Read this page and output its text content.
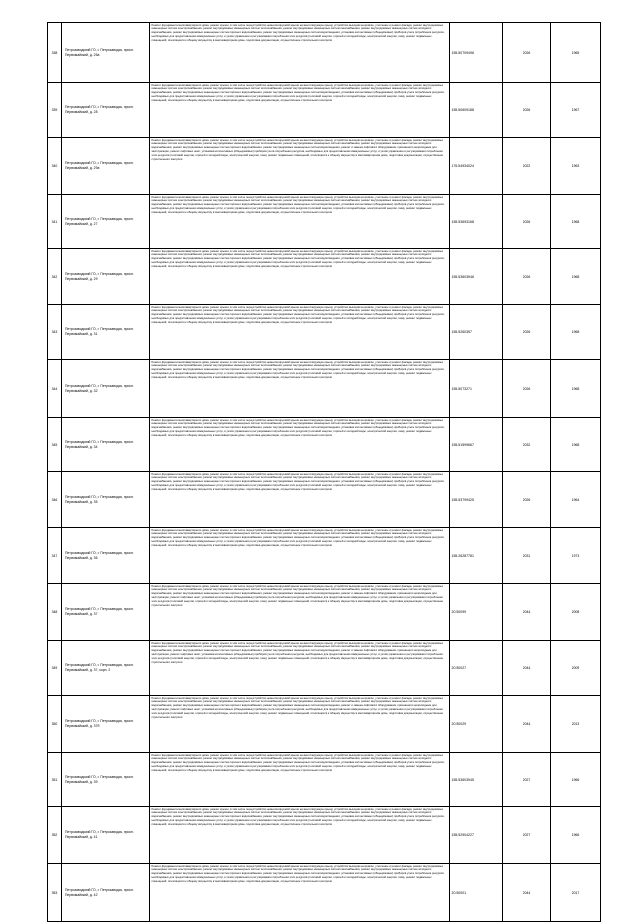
338	Петрозаводский ГО, г. Петрозаводск, просп. Первомайский, д. 25а	Ремонт фундамента многоквартирного дома, ремонт крыши, в том числе переустройство невентилируемой крыши на вентилируемую крышу, устройство выходов на кровлю, утепление и ремонт фасада, ремонт внутридомовых инженерных систем электроснабжения, ремонт внутридомовых инженерных систем теплоснабжения, ремонт внутридомовых инженерных систем газоснабжения, ремонт внутридомовых инженерных систем холодного водоснабжения, ремонт внутридомовых инженерных систем горячего водоснабжения, ремонт внутридомовых инженерных систем водоотведения, установка коллективных (общедомовых) приборов учета потребления ресурсов, необходимых для предоставления коммунальных услуг, и узлов управления и регулирования потребления этих ресурсов (тепловой энергии, горячей и холодной воды, электрической энергии, газа), ремонт подвальных помещений, относящихся к общему имуществу в многоквартирном доме, подготовка документации, осуществление строительного контроля	155.50709496	2026	1965
339	Петрозаводский ГО, г. Петрозаводск, просп. Первомайский, д. 28	Ремонт фундамента многоквартирного дома, ремонт крыши, в том числе переустройство невентилируемой крыши на вентилируемую крышу, устройство выходов на кровлю, утепление и ремонт фасада, ремонт внутридомовых инженерных систем электроснабжения, ремонт внутридомовых инженерных систем теплоснабжения, ремонт внутридомовых инженерных систем газоснабжения, ремонт внутридомовых инженерных систем холодного водоснабжения, ремонт внутридомовых инженерных систем горячего водоснабжения, ремонт внутридомовых инженерных систем водоотведения, установка коллективных (общедомовых) приборов учета потребления ресурсов, необходимых для предоставления коммунальных услуг, и узлов управления и регулирования потребления этих ресурсов (тепловой энергии, горячей и холодной воды, электрической энергии, газа), ремонт подвальных помещений, относящихся к общему имуществу в многоквартирном доме, подготовка документации, осуществление строительного контроля	155.50609188	2026	1967
340	Петрозаводский ГО, г. Петрозаводск, просп. Первомайский, д. 29а	Ремонт фундамента многоквартирного дома, ремонт крыши, в том числе переустройство невентилируемой крыши на вентилируемую крышу, устройство выходов на кровлю, утепление и ремонт фасада, ремонт внутридомовых инженерных систем электроснабжения, ремонт внутридомовых инженерных систем теплоснабжения, ремонт внутридомовых инженерных систем газоснабжения, ремонт внутридомовых инженерных систем холодного водоснабжения, ремонт внутридомовых инженерных систем горячего водоснабжения, ремонт внутридомовых инженерных систем водоотведения, ремонт и замена лифтового оборудования, признанного непригодным для эксплуатации, ремонт лифтовых шахт, установка коллективных (общедомовых) приборов учета потребления ресурсов, необходимых для предоставления коммунальных услуг, и узлов управления и регулирования потребления этих ресурсов (тепловой энергии, горячей и холодной воды, электрической энергии, газа), ремонт подвальных помещений, относящихся к общему имуществу в многоквартирном доме, подготовка документации, осуществление строительного контроля	176.54934024	2022	1963
341	Петрозаводский ГО, г. Петрозаводск, просп. Первомайский, д. 27	Ремонт фундамента многоквартирного дома, ремонт крыши, в том числе переустройство невентилируемой крыши на вентилируемую крышу, устройство выходов на кровлю, утепление и ремонт фасада, ремонт внутридомовых инженерных систем электроснабжения, ремонт внутридомовых инженерных систем теплоснабжения, ремонт внутридомовых инженерных систем газоснабжения, ремонт внутридомовых инженерных систем холодного водоснабжения, ремонт внутридомовых инженерных систем горячего водоснабжения, ремонт внутридомовых инженерных систем водоотведения, установка коллективных (общедомовых) приборов учета потребления ресурсов, необходимых для предоставления коммунальных услуг, и узлов управления и регулирования потребления этих ресурсов (тепловой энергии, горячей и холодной воды, электрической энергии, газа), ремонт подвальных помещений, относящихся к общему имуществу в многоквартирном доме, подготовка документации, осуществление строительного контроля	155.53693168	2026	1968
342	Петрозаводский ГО, г. Петрозаводск, просп. Первомайский, д. 29	Ремонт фундамента многоквартирного дома, ремонт крыши, в том числе переустройство невентилируемой крыши на вентилируемую крышу, устройство выходов на кровлю, утепление и ремонт фасада, ремонт внутридомовых инженерных систем электроснабжения, ремонт внутридомовых инженерных систем теплоснабжения, ремонт внутридомовых инженерных систем газоснабжения, ремонт внутридомовых инженерных систем холодного водоснабжения, ремонт внутридомовых инженерных систем горячего водоснабжения, ремонт внутридомовых инженерных систем водоотведения, установка коллективных (общедомовых) приборов учета потребления ресурсов, необходимых для предоставления коммунальных услуг, и узлов управления и регулирования потребления этих ресурсов (тепловой энергии, горячей и холодной воды, электрической энергии, газа), ремонт подвальных помещений, относящихся к общему имуществу в многоквартирном доме, подготовка документации, осуществление строительного контроля	155.53603946	2026	1968
343	Петрозаводский ГО, г. Петрозаводск, просп. Первомайский, д. 31	Ремонт фундамента многоквартирного дома, ремонт крыши, в том числе переустройство невентилируемой крыши на вентилируемую крышу, устройство выходов на кровлю, утепление и ремонт фасада, ремонт внутридомовых инженерных систем электроснабжения, ремонт внутридомовых инженерных систем теплоснабжения, ремонт внутридомовых инженерных систем газоснабжения, ремонт внутридомовых инженерных систем холодного водоснабжения, ремонт внутридомовых инженерных систем горячего водоснабжения, ремонт внутридомовых инженерных систем водоотведения, установка коллективных (общедомовых) приборов учета потребления ресурсов, необходимых для предоставления коммунальных услуг, и узлов управления и регулирования потребления этих ресурсов (тепловой энергии, горячей и холодной воды, электрической энергии, газа), ремонт подвальных помещений, относящихся к общему имуществу в многоквартирном доме, подготовка документации, осуществление строительного контроля	155.5260357	2026	1968
344	Петрозаводский ГО, г. Петрозаводск, просп. Первомайский, д. 32	Ремонт фундамента многоквартирного дома, ремонт крыши, в том числе переустройство невентилируемой крыши на вентилируемую крышу, устройство выходов на кровлю, утепление и ремонт фасада, ремонт внутридомовых инженерных систем электроснабжения, ремонт внутридомовых инженерных систем теплоснабжения, ремонт внутридомовых инженерных систем газоснабжения, ремонт внутридомовых инженерных систем холодного водоснабжения, ремонт внутридомовых инженерных систем горячего водоснабжения, ремонт внутридомовых инженерных систем водоотведения, установка коллективных (общедомовых) приборов учета потребления ресурсов, необходимых для предоставления коммунальных услуг, и узлов управления и регулирования потребления этих ресурсов (тепловой энергии, горячей и холодной воды, электрической энергии, газа), ремонт подвальных помещений, относящихся к общему имуществу в многоквартирном доме, подготовка документации, осуществление строительного контроля	155.5073271	2026	1968
345	Петрозаводский ГО, г. Петрозаводск, просп. Первомайский, д. 34	Ремонт фундамента многоквартирного дома, ремонт крыши, в том числе переустройство невентилируемой крыши на вентилируемую крышу, устройство выходов на кровлю, утепление и ремонт фасада, ремонт внутридомовых инженерных систем электроснабжения, ремонт внутридомовых инженерных систем теплоснабжения, ремонт внутридомовых инженерных систем газоснабжения, ремонт внутридомовых инженерных систем холодного водоснабжения, ремонт внутридомовых инженерных систем горячего водоснабжения, ремонт внутридомовых инженерных систем водоотведения, установка коллективных (общедомовых) приборов учета потребления ресурсов, необходимых для предоставления коммунальных услуг, и узлов управления и регулирования потребления этих ресурсов (тепловой энергии, горячей и холодной воды, электрической энергии, газа), ремонт подвальных помещений, относящихся к общему имуществу в многоквартирном доме, подготовка документации, осуществление строительного контроля	155.51599667	2032	1968
346	Петрозаводский ГО, г. Петрозаводск, просп. Первомайский, д. 35	Ремонт фундамента многоквартирного дома, ремонт крыши, в том числе переустройство невентилируемой крыши на вентилируемую крышу, устройство выходов на кровлю, утепление и ремонт фасада, ремонт внутридомовых инженерных систем электроснабжения, ремонт внутридомовых инженерных систем теплоснабжения, ремонт внутридомовых инженерных систем газоснабжения, ремонт внутридомовых инженерных систем холодного водоснабжения, ремонт внутридомовых инженерных систем горячего водоснабжения, ремонт внутридомовых инженерных систем водоотведения, установка коллективных (общедомовых) приборов учета потребления ресурсов, необходимых для предоставления коммунальных услуг, и узлов управления и регулирования потребления этих ресурсов (тепловой энергии, горячей и холодной воды, электрической энергии, газа), ремонт подвальных помещений, относящихся к общему имуществу в многоквартирном доме, подготовка документации, осуществление строительного контроля	155.53799425	2026	1964
347	Петрозаводский ГО, г. Петрозаводск, просп. Первомайский, д. 36	Ремонт фундамента многоквартирного дома, ремонт крыши, в том числе переустройство невентилируемой крыши на вентилируемую крышу, устройство выходов на кровлю, утепление и ремонт фасада, ремонт внутридомовых инженерных систем электроснабжения, ремонт внутридомовых инженерных систем теплоснабжения, ремонт внутридомовых инженерных систем газоснабжения, ремонт внутридомовых инженерных систем холодного водоснабжения, ремонт внутридомовых инженерных систем горячего водоснабжения, ремонт внутридомовых инженерных систем водоотведения, установка коллективных (общедомовых) приборов учета потребления ресурсов, необходимых для предоставления коммунальных услуг, и узлов управления и регулирования потребления этих ресурсов (тепловой энергии, горячей и холодной воды, электрической энергии, газа), ремонт подвальных помещений, относящихся к общему имуществу в многоквартирном доме, подготовка документации, осуществление строительного контроля	155.26287781	2031	1973
348	Петрозаводский ГО, г. Петрозаводск, просп. Первомайский, д. 37	Ремонт фундамента многоквартирного дома, ремонт крыши, в том числе переустройство невентилируемой крыши на вентилируемую крышу, устройство выходов на кровлю, утепление и ремонт фасада, ремонт внутридомовых инженерных систем электроснабжения, ремонт внутридомовых инженерных систем теплоснабжения, ремонт внутридомовых инженерных систем газоснабжения, ремонт внутридомовых инженерных систем холодного водоснабжения, ремонт внутридомовых инженерных систем горячего водоснабжения, ремонт внутридомовых инженерных систем водоотведения, ремонт и замена лифтового оборудования, признанного непригодным для эксплуатации, ремонт лифтовых шахт, установка коллективных (общедомовых) приборов учета потребления ресурсов, необходимых для предоставления коммунальных услуг, и узлов управления и регулирования потребления этих ресурсов (тепловой энергии, горячей и холодной воды, электрической энергии, газа), ремонт подвальных помещений, относящихся к общему имуществу в многоквартирном доме, подготовка документации, осуществление строительного контроля	20.50099	2044	2008
349	Петрозаводский ГО, г. Петрозаводск, просп. Первомайский, д. 37, корп. 2	Ремонт фундамента многоквартирного дома, ремонт крыши, в том числе переустройство невентилируемой крыши на вентилируемую крышу, устройство выходов на кровлю, утепление и ремонт фасада, ремонт внутридомовых инженерных систем электроснабжения, ремонт внутридомовых инженерных систем теплоснабжения, ремонт внутридомовых инженерных систем газоснабжения, ремонт внутридомовых инженерных систем холодного водоснабжения, ремонт внутридомовых инженерных систем горячего водоснабжения, ремонт внутридомовых инженерных систем водоотведения, ремонт и замена лифтового оборудования, признанного непригодным для эксплуатации, ремонт лифтовых шахт, установка коллективных (общедомовых) приборов учета потребления ресурсов, необходимых для предоставления коммунальных услуг, и узлов управления и регулирования потребления этих ресурсов (тепловой энергии, горячей и холодной воды, электрической энергии, газа), ремонт подвальных помещений, относящихся к общему имуществу в многоквартирном доме, подготовка документации, осуществление строительного контроля	20.50027	2044	2009
350	Петрозаводский ГО, г. Петрозаводск, просп. Первомайский, д. 37б	Ремонт фундамента многоквартирного дома, ремонт крыши, в том числе переустройство невентилируемой крыши на вентилируемую крышу, устройство выходов на кровлю, утепление и ремонт фасада, ремонт внутридомовых инженерных систем электроснабжения, ремонт внутридомовых инженерных систем теплоснабжения, ремонт внутридомовых инженерных систем газоснабжения, ремонт внутридомовых инженерных систем холодного водоснабжения, ремонт внутридомовых инженерных систем горячего водоснабжения, ремонт внутридомовых инженерных систем водоотведения, ремонт и замена лифтового оборудования, признанного непригодным для эксплуатации, ремонт лифтовых шахт, установка коллективных (общедомовых) приборов учета потребления ресурсов, необходимых для предоставления коммунальных услуг, и узлов управления и регулирования потребления этих ресурсов (тепловой энергии, горячей и холодной воды, электрической энергии, газа), ремонт подвальных помещений, относящихся к общему имуществу в многоквартирном доме, подготовка документации, осуществление строительного контроля	20.50029	2044	2013
351	Петрозаводский ГО, г. Петрозаводск, просп. Первомайский, д. 39	Ремонт фундамента многоквартирного дома, ремонт крыши, в том числе переустройство невентилируемой крыши на вентилируемую крышу, устройство выходов на кровлю, утепление и ремонт фасада, ремонт внутридомовых инженерных систем электроснабжения, ремонт внутридомовых инженерных систем теплоснабжения, ремонт внутридомовых инженерных систем газоснабжения, ремонт внутридомовых инженерных систем холодного водоснабжения, ремонт внутридомовых инженерных систем горячего водоснабжения, ремонт внутридомовых инженерных систем водоотведения, установка коллективных (общедомовых) приборов учета потребления ресурсов, необходимых для предоставления коммунальных услуг, и узлов управления и регулирования потребления этих ресурсов (тепловой энергии, горячей и холодной воды, электрической энергии, газа), ремонт подвальных помещений, относящихся к общему имуществу в многоквартирном доме, подготовка документации, осуществление строительного контроля	155.53603945	2027	1966
352	Петрозаводский ГО, г. Петрозаводск, просп. Первомайский, д. 41	Ремонт фундамента многоквартирного дома, ремонт крыши, в том числе переустройство невентилируемой крыши на вентилируемую крышу, устройство выходов на кровлю, утепление и ремонт фасада, ремонт внутридомовых инженерных систем электроснабжения, ремонт внутридомовых инженерных систем теплоснабжения, ремонт внутридомовых инженерных систем газоснабжения, ремонт внутридомовых инженерных систем холодного водоснабжения, ремонт внутридомовых инженерных систем горячего водоснабжения, ремонт внутридомовых инженерных систем водоотведения, установка коллективных (общедомовых) приборов учета потребления ресурсов, необходимых для предоставления коммунальных услуг, и узлов управления и регулирования потребления этих ресурсов (тепловой энергии, горячей и холодной воды, электрической энергии, газа), ремонт подвальных помещений, относящихся к общему имуществу в многоквартирном доме, подготовка документации, осуществление строительного контроля	155.52904227	2027	1966
353	Петрозаводский ГО, г. Петрозаводск, просп. Первомайский, д. 42	Ремонт фундамента многоквартирного дома, ремонт крыши, в том числе переустройство невентилируемой крыши на вентилируемую крышу, устройство выходов на кровлю, утепление и ремонт фасада, ремонт внутридомовых инженерных систем электроснабжения, ремонт внутридомовых инженерных систем теплоснабжения, ремонт внутридомовых инженерных систем газоснабжения, ремонт внутридомовых инженерных систем холодного водоснабжения, ремонт внутридомовых инженерных систем горячего водоснабжения, ремонт внутридомовых инженерных систем водоотведения, установка коллективных (общедомовых) приборов учета потребления ресурсов, необходимых для предоставления коммунальных услуг, и узлов управления и регулирования потребления этих ресурсов (тепловой энергии, горячей и холодной воды, электрической энергии, газа), ремонт подвальных помещений, относящихся к общему имуществу в многоквартирном доме, подготовка документации, осуществление строительного контроля	20.50001	2044	2017
